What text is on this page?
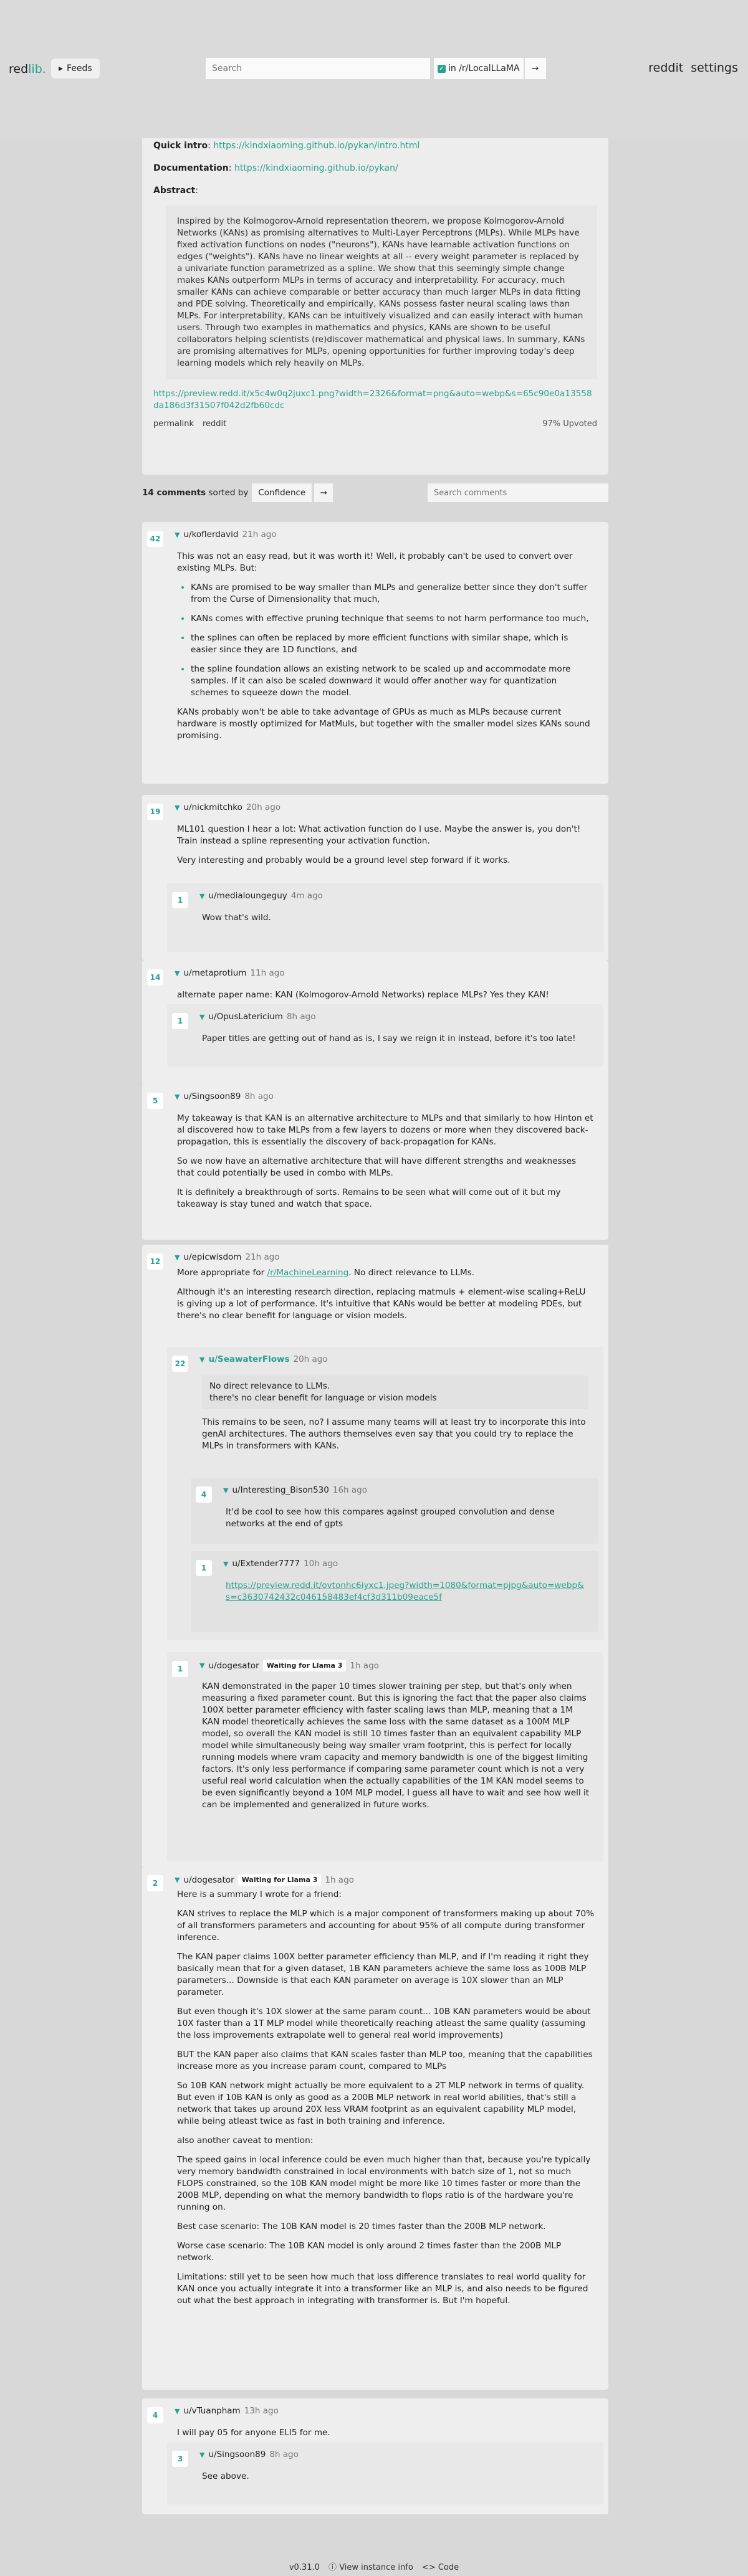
redlib. ▸ Feeds
Search	✓ in /r/LocalLLaMA →	reddit settings
Quick intro: https://kindxiaoming.github.io/pykan/intro.html
Documentation: https://kindxiaoming.github.io/pykan/
Abstract:
Inspired by the Kolmogorov-Arnold representation theorem, we propose Kolmogorov-Arnold Networks (KANs) as promising alternatives to Multi-Layer Perceptrons (MLPs). While MLPs have fixed activation functions on nodes ("neurons"), KANs have learnable activation functions on edges ("weights"). KANs have no linear weights at all -- every weight parameter is replaced by a univariate function parametrized as a spline. We show that this seemingly simple change makes KANs outperform MLPs in terms of accuracy and interpretability. For accuracy, much smaller KANs can achieve comparable or better accuracy than much larger MLPs in data fitting and PDE solving. Theoretically and empirically, KANs possess faster neural scaling laws than MLPs. For interpretability, KANs can be intuitively visualized and can easily interact with human users. Through two examples in mathematics and physics, KANs are shown to be useful collaborators helping scientists (re)discover mathematical and physical laws. In summary, KANs are promising alternatives for MLPs, opening opportunities for further improving today's deep learning models which rely heavily on MLPs.
https://preview.redd.it/x5c4w0q2juxc1.png?width=2326&format=png&auto=webp&s=65c90e0a13558da186d3f31507f042d2fb60cdc
permalink reddit	97% Upvoted
14 comments
sorted by	Confidence	→
Search comments
42	▼ u/koflerdavid 21h ago

This was not an easy read, but it was worth it! Well, it probably can't be used to convert over existing MLPs. But:

• KANs are promised to be way smaller than MLPs and generalize better since they don't suffer from the Curse of Dimensionality that much,
• KANs comes with effective pruning technique that seems to not harm performance too much,
• the splines can often be replaced by more efficient functions with similar shape, which is easier since they are 1D functions, and
• the spline foundation allows an existing network to be scaled up and accommodate more samples. If it can also be scaled downward it would offer another way for quantization schemes to squeeze down the model.

KANs probably won't be able to take advantage of GPUs as much as MLPs because current hardware is mostly optimized for MatMuls, but together with the smaller model sizes KANs sound promising.

19	▼ u/nickmitchko 20h ago

ML101 question I hear a lot: What activation function do I use. Maybe the answer is, you don't! Train instead a spline representing your activation function.

Very interesting and probably would be a ground level step forward if it works.

1	▼ u/medialoungeguy 4m ago

Wow that's wild.

14	▼ u/metaprotium 11h ago

alternate paper name: KAN (Kolmogorov-Arnold Networks) replace MLPs? Yes they KAN!

1	▼ u/OpusLatericium 8h ago

Paper titles are getting out of hand as is, I say we reign it in instead, before it's too late!

5	▼ u/Singsoon89 8h ago

My takeaway is that KAN is an alternative architecture to MLPs and that similarly to how Hinton et al discovered how to take MLPs from a few layers to dozens or more when they discovered back-propagation, this is essentially the discovery of back-propagation for KANs.

So we now have an alternative architecture that will have different strengths and weaknesses that could potentially be used in combo with MLPs.

It is definitely a breakthrough of sorts. Remains to be seen what will come out of it but my takeaway is stay tuned and watch that space.

12	▼ u/epicwisdom 21h ago

More appropriate for /r/MachineLearning. No direct relevance to LLMs.

Although it's an interesting research direction, replacing matmuls + element-wise scaling+ReLU is giving up a lot of performance. It's intuitive that KANs would be better at modeling PDEs, but there's no clear benefit for language or vision models.

22	▼ u/SeawaterFlows 20h ago
No direct relevance to LLMs.
there's no clear benefit for language or vision models

This remains to be seen, no? I assume many teams will at least try to incorporate this into genAI architectures. The authors themselves even say that you could try to replace the MLPs in transformers with KANs.

4	▼ u/Interesting_Bison530 16h ago

It'd be cool to see how this compares against grouped convolution and dense networks at the end of gpts

1	▼ u/Extender7777 10h ago
https://preview.redd.it/ovtonhc6iyxc1.jpeg?width=1080&format=pjpg&auto=webp&s=c3630742432c046158483ef4cf3d311b09eace5f
1	▼ u/dogesator	Waiting for Llama 3 1h ago

KAN demonstrated in the paper 10 times slower training per step, but that's only when measuring a fixed parameter count. But this is ignoring the fact that the paper also claims 100X better parameter efficiency with faster scaling laws than MLP, meaning that a 1M KAN model theoretically achieves the same loss with the same dataset as a 100M MLP model, so overall the KAN model is still 10 times faster than an equivalent capability MLP model while simultaneously being way smaller vram footprint, this is perfect for locally running models where vram capacity and memory bandwidth is one of the biggest limiting factors. It's only less performance if comparing same parameter count which is not a very useful real world calculation when the actually capabilities of the 1M KAN model seems to be even significantly beyond a 10M MLP model, I guess all have to wait and see how well it can be implemented and generalized in future works.

2	▼ u/dogesator	Waiting for Llama 3 1h ago

Here is a summary I wrote for a friend:

KAN strives to replace the MLP which is a major component of transformers making up about 70% of all transformers parameters and accounting for about 95% of all compute during transformer inference.

The KAN paper claims 100X better parameter efficiency than MLP, and if I'm reading it right they basically mean that for a given dataset, 1B KAN parameters achieve the same loss as 100B MLP parameters... Downside is that each KAN parameter on average is 10X slower than an MLP parameter.

But even though it's 10X slower at the same param count... 10B KAN parameters would be about 10X faster than a 1T MLP model while theoretically reaching atleast the same quality (assuming the loss improvements extrapolate well to general real world improvements)

BUT the KAN paper also claims that KAN scales faster than MLP too, meaning that the capabilities increase more as you increase param count, compared to MLPs

So 10B KAN network might actually be more equivalent to a 2T MLP network in terms of quality. But even if 10B KAN is only as good as a 200B MLP network in real world abilities, that's still a network that takes up around 20X less VRAM footprint as an equivalent capability MLP model, while being atleast twice as fast in both training and inference.

also another caveat to mention:

The speed gains in local inference could be even much higher than that, because you're typically very memory bandwidth constrained in local environments with batch size of 1, not so much FLOPS constrained, so the 10B KAN model might be more like 10 times faster or more than the 200B MLP, depending on what the memory bandwidth to flops ratio is of the hardware you're running on.

Best case scenario: The 10B KAN model is 20 times faster than the 200B MLP network.

Worse case scenario: The 10B KAN model is only around 2 times faster than the 200B MLP network.

Limitations: still yet to be seen how much that loss difference translates to real world quality for KAN once you actually integrate it into a transformer like an MLP is, and also needs to be figured out what the best approach in integrating with transformer is. But I'm hopeful.

4	▼ u/vTuanpham 13h ago

I will pay 05 for anyone ELI5 for me.

3	▼ u/Singsoon89 8h ago

See above.

v0.31.0 ⓘ View instance info <> Code
